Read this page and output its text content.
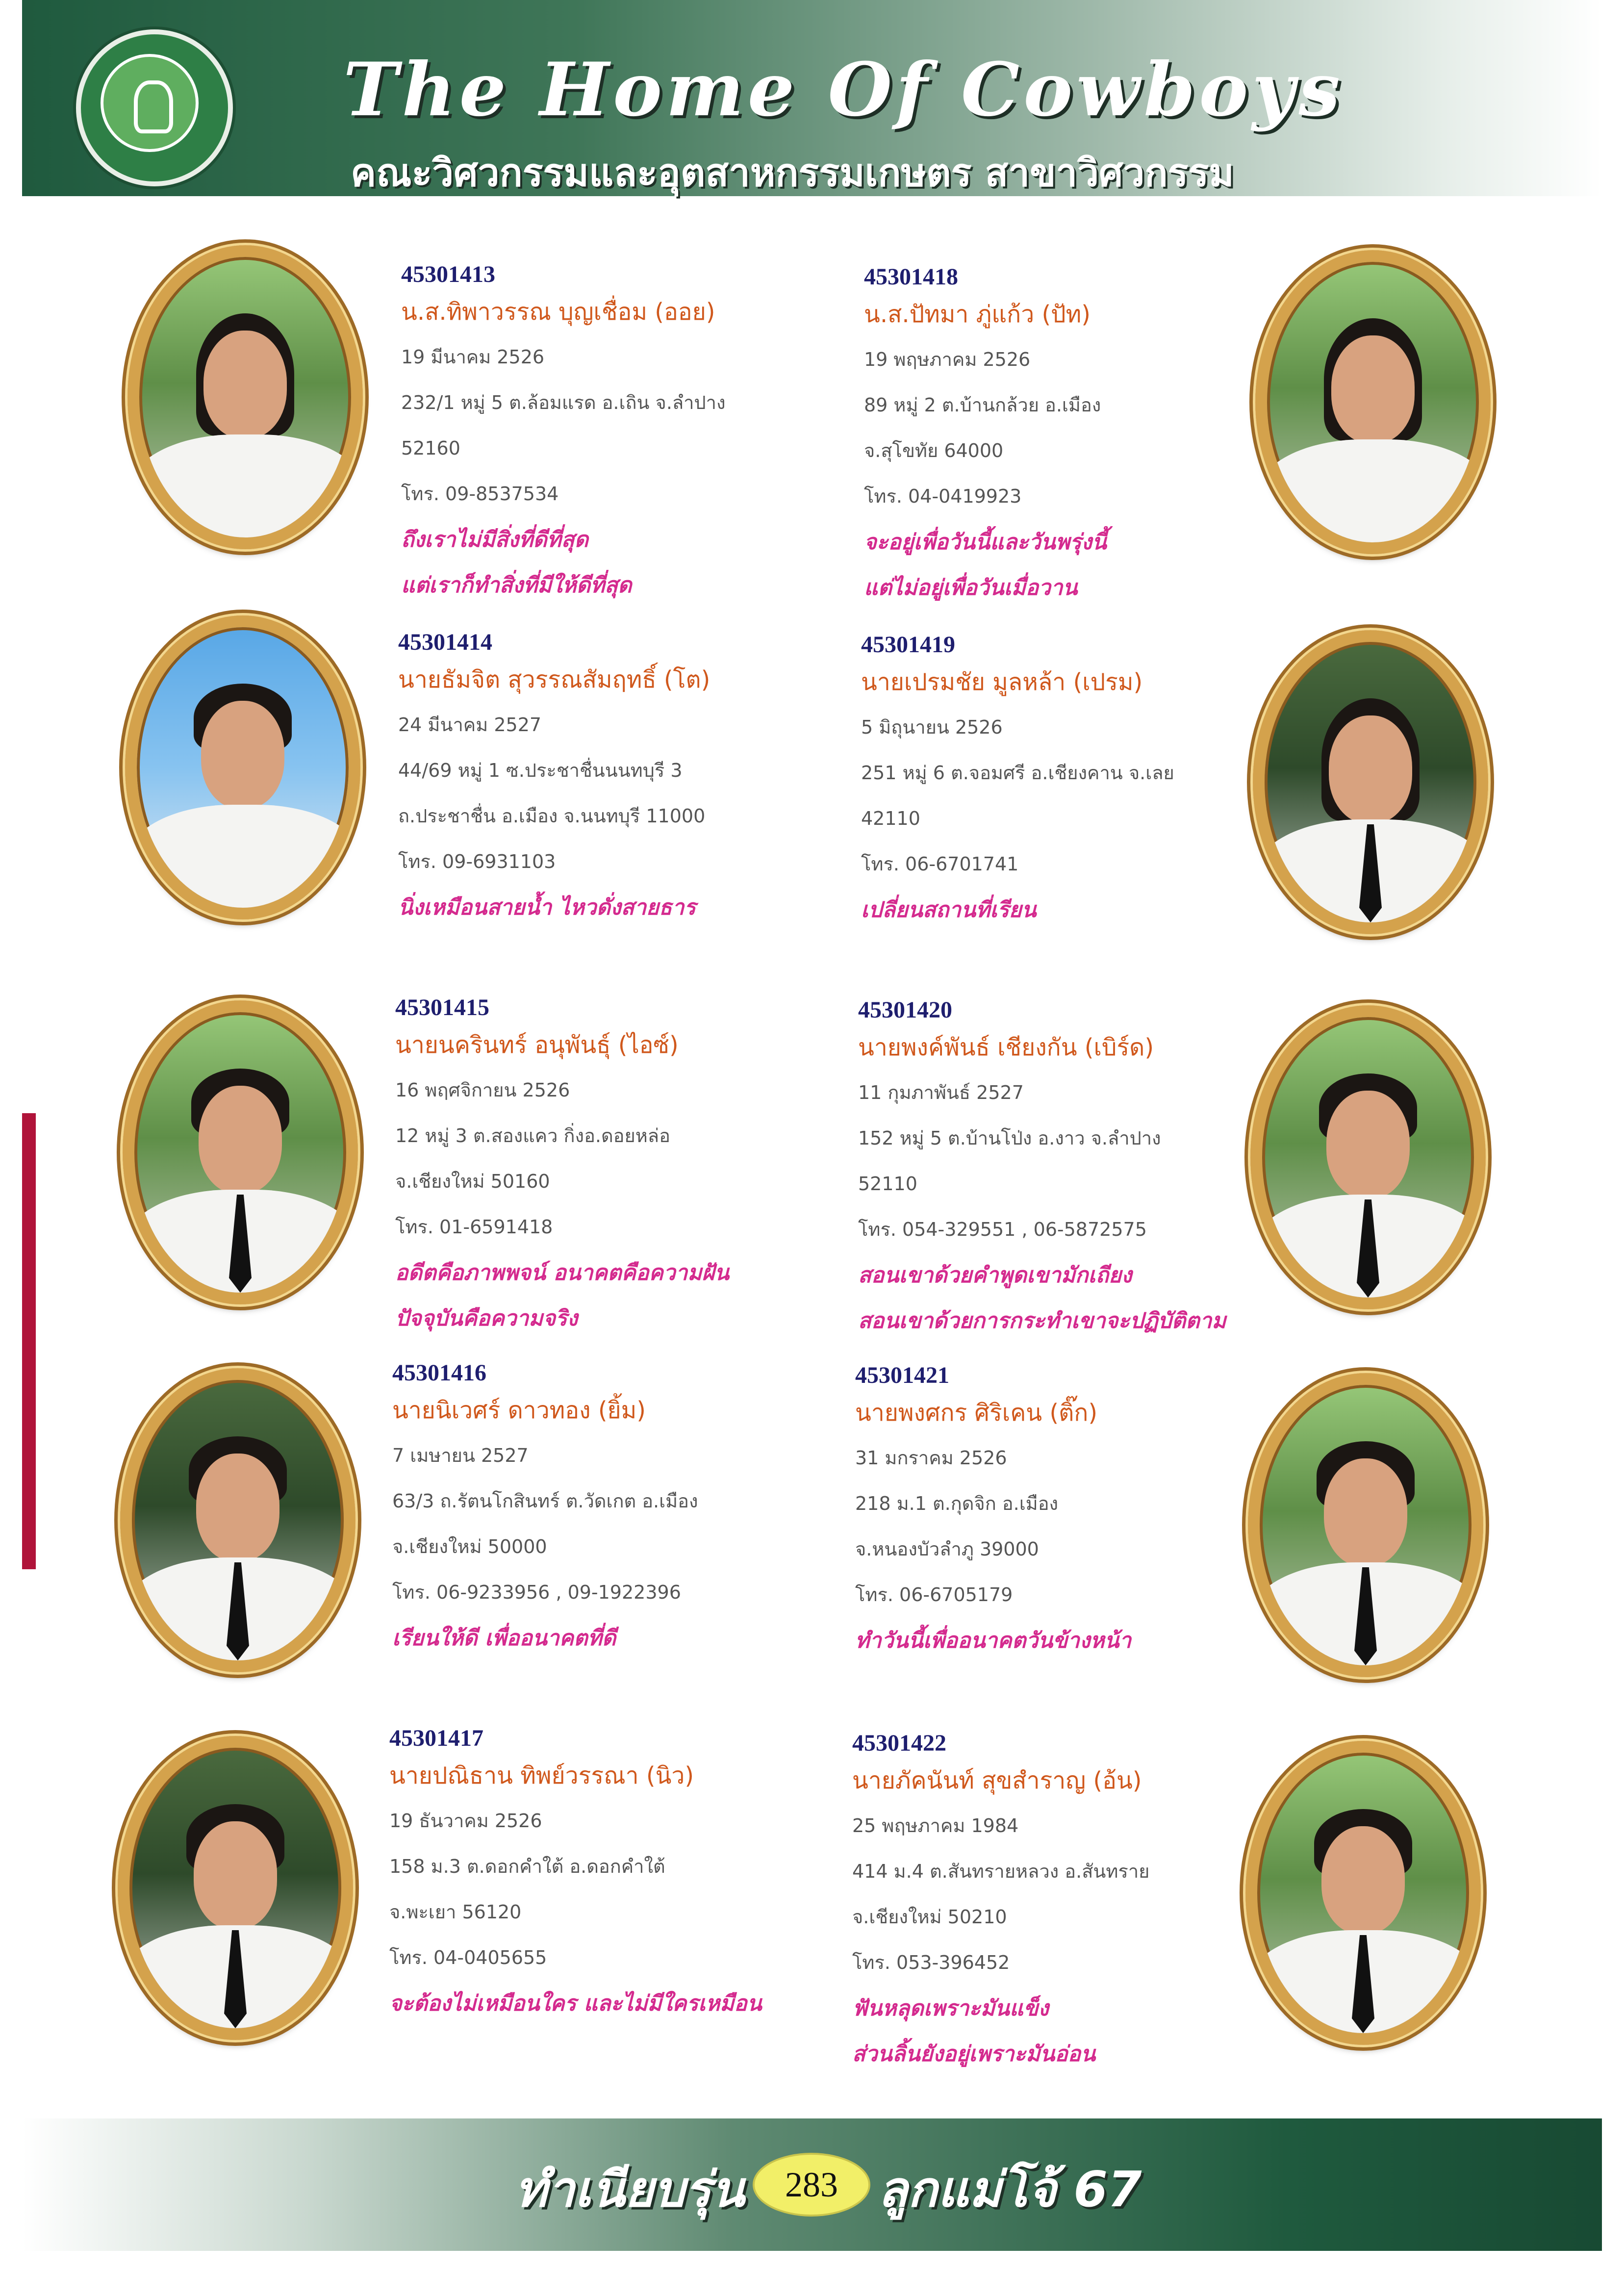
The Home Of Cowboys
คณะวิศวกรรมและอุตสาหกรรมเกษตร สาขาวิศวกรรม
45301413
น.ส.ทิพาวรรณ บุญเชื่อม (ออย)
19 มีนาคม 2526
232/1 หมู่ 5 ต.ล้อมแรด อ.เถิน จ.ลำปาง
52160
โทร. 09-8537534
ถึงเราไม่มีสิ่งที่ดีที่สุด
แต่เราก็ทำสิ่งที่มีให้ดีที่สุด
45301418
น.ส.ปัทมา ภู่แก้ว (ปัท)
19 พฤษภาคม 2526
89 หมู่ 2 ต.บ้านกล้วย อ.เมือง
จ.สุโขทัย 64000
โทร. 04-0419923
จะอยู่เพื่อวันนี้และวันพรุ่งนี้
แต่ไม่อยู่เพื่อวันเมื่อวาน
45301414
นายธัมจิต สุวรรณสัมฤทธิ์ (โต)
24 มีนาคม 2527
44/69 หมู่ 1 ซ.ประชาชื่นนนทบุรี 3
ถ.ประชาชื่น อ.เมือง จ.นนทบุรี 11000
โทร. 09-6931103
นิ่งเหมือนสายน้ำ ไหวดั่งสายธาร
45301419
นายเปรมชัย มูลหล้า (เปรม)
5 มิถุนายน 2526
251 หมู่ 6 ต.จอมศรี อ.เชียงคาน จ.เลย
42110
โทร. 06-6701741
เปลี่ยนสถานที่เรียน
45301415
นายนครินทร์ อนุพันธุ์ (ไอซ์)
16 พฤศจิกายน 2526
12 หมู่ 3 ต.สองแคว กิ่งอ.ดอยหล่อ
จ.เชียงใหม่ 50160
โทร. 01-6591418
อดีตคือภาพพจน์ อนาคตคือความฝัน
ปัจจุบันคือความจริง
45301420
นายพงค์พันธ์ เชียงกัน (เบิร์ด)
11 กุมภาพันธ์ 2527
152 หมู่ 5 ต.บ้านโป่ง อ.งาว จ.ลำปาง
52110
โทร. 054-329551 , 06-5872575
สอนเขาด้วยคำพูดเขามักเถียง
สอนเขาด้วยการกระทำเขาจะปฏิบัติตาม
45301416
นายนิเวศร์ ดาวทอง (ยิ้ม)
7 เมษายน 2527
63/3 ถ.รัตนโกสินทร์ ต.วัดเกต อ.เมือง
จ.เชียงใหม่ 50000
โทร. 06-9233956 , 09-1922396
เรียนให้ดี เพื่ออนาคตที่ดี
45301421
นายพงศกร ศิริเคน (ติ๊ก)
31 มกราคม 2526
218 ม.1 ต.กุดจิก อ.เมือง
จ.หนองบัวลำภู 39000
โทร. 06-6705179
ทำวันนี้เพื่ออนาคตวันข้างหน้า
45301417
นายปณิธาน ทิพย์วรรณา (นิว)
19 ธันวาคม 2526
158 ม.3 ต.ดอกคำใต้ อ.ดอกคำใต้
จ.พะเยา 56120
โทร. 04-0405655
จะต้องไม่เหมือนใคร และไม่มีใครเหมือน
45301422
นายภัคนันท์ สุขสำราญ (อ้น)
25 พฤษภาคม 1984
414 ม.4 ต.สันทรายหลวง อ.สันทราย
จ.เชียงใหม่ 50210
โทร. 053-396452
ฟันหลุดเพราะมันแข็ง
ส่วนลิ้นยังอยู่เพราะมันอ่อน
ทำเนียบรุ่น	283 ลูกแม่โจ้ 67
